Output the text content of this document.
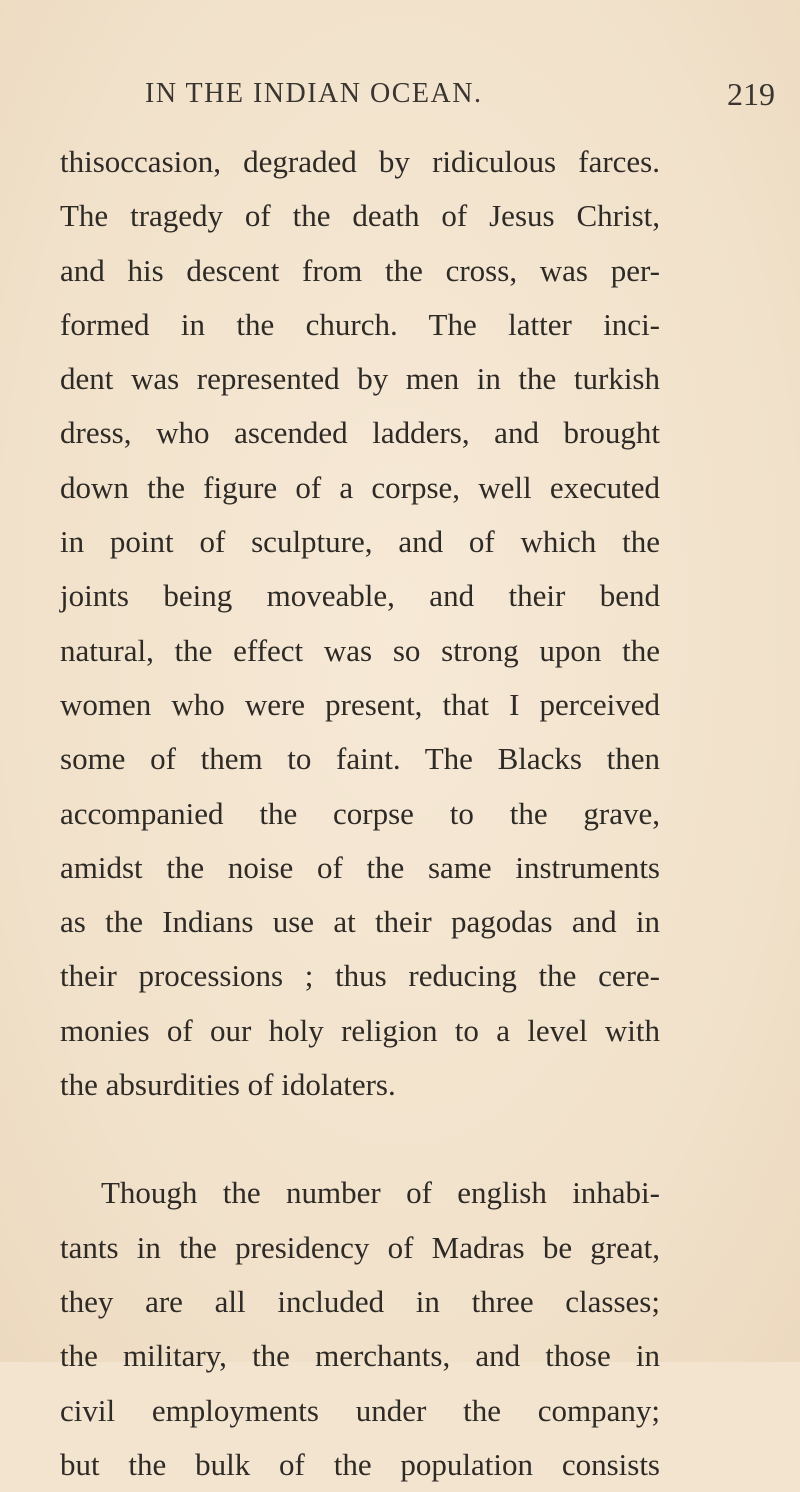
IN THE INDIAN OCEAN.	219
thisoccasion, degraded by ridiculous farces.
The tragedy of the death of Jesus Christ,
and his descent from the cross, was per-
formed in the church. The latter inci-
dent was represented by men in the turkish
dress, who ascended ladders, and brought
down the figure of a corpse, well executed
in point of sculpture, and of which the
joints being moveable, and their bend
natural, the effect was so strong upon the
women who were present, that I perceived
some of them to faint. The Blacks then
accompanied the corpse to the grave,
amidst the noise of the same instruments
as the Indians use at their pagodas and in
their processions ; thus reducing the cere-
monies of our holy religion to a level with
the absurdities of idolaters.
Though the number of english inhabi-
tants in the presidency of Madras be great,
they are all included in three classes;
the military, the merchants, and those in
civil employments under the company;
but the bulk of the population consists
